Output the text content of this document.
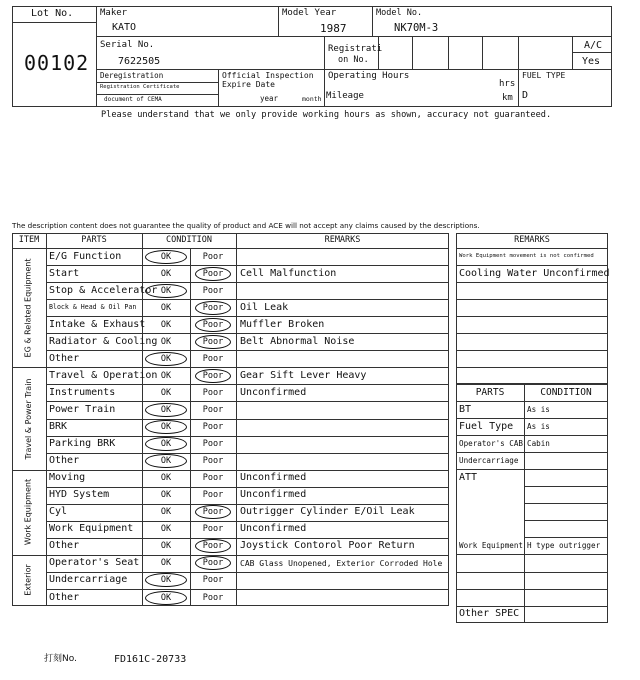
Lot No.
00102
Maker
KATO
Model Year
1987
Model No.
NK70M-3
Serial No.
7622505
Registrati
on No.
A/C
Yes
Deregistration
Registration Certificate
document of CEMA
Official Inspection
Expire Date
year	month
Operating Hours
hrs
Mileage	km
FUEL TYPE
D
Please understand that we only provide working hours as shown, accuracy not guaranteed.
The description content does not guarantee the quality of product and ACE will not accept any claims caused by the descriptions.
ITEM	PARTS	CONDITION	REMARKS
E/G Function	OK	Poor
Start	OK	Poor	Cell Malfunction
Stop & Accelerator OK	Poor
Block & Head & Oil Pan	OK	Poor	Oil Leak
Intake & Exhaust	OK	Poor	Muffler Broken
Radiator & Cooling OK	Poor	Belt Abnormal Noise
Other	OK	Poor
EG & Related Equipment
Travel & Operation OK	Poor	Gear Sift Lever Heavy
Instruments	OK	Poor	Unconfirmed
Power Train	OK	Poor
BRK	OK	Poor
Parking BRK	OK	Poor
Other	OK	Poor
Travel & Power Train
Moving	OK	Poor	Unconfirmed
HYD System	OK	Poor	Unconfirmed
Cyl	OK	Poor	Outrigger Cylinder E/Oil Leak
Work Equipment	OK	Poor	Unconfirmed
Other	OK	Poor	Joystick Contorol Poor Return
Work Equipment
Operator's Seat	OK	Poor	CAB Glass Unopened, Exterior Corroded Hole
Undercarriage	OK	Poor
Other	OK	Poor
Exterior
REMARKS
Work Equipment movement is not confirmed
Cooling Water Unconfirmed
PARTS	CONDITION
BT	As is
Fuel Type	As is
Operator's CAB Cabin
Undercarriage
ATT
Work Equipment H type outrigger
Other SPEC
打刻No.	FD161C-20733
